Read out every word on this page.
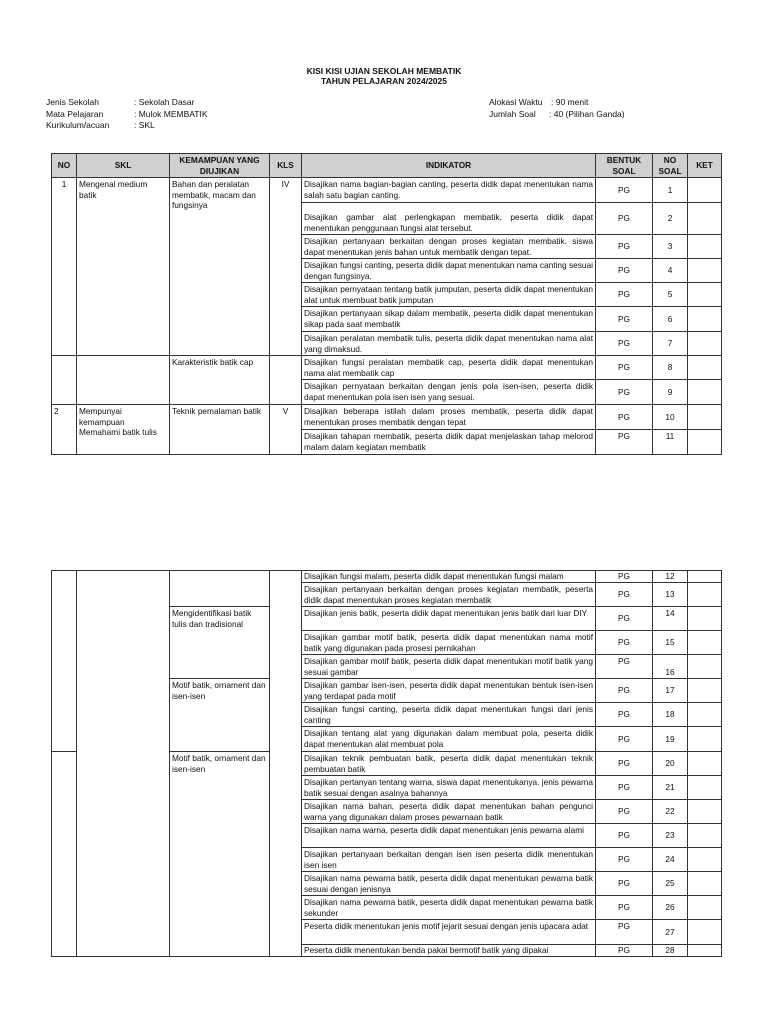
KISI KISI UJIAN SEKOLAH MEMBATIK
TAHUN PELAJARAN 2024/2025
Jenis Sekolah	: Sekolah Dasar
Mata Pelajaran	: Mulok MEMBATIK
Kurikulum/acuan	: SKL
Alokasi Waktu : 90 menit
Jumlah Soal	: 40 (Pilihan Ganda)
NO	SKL	KEMAMPUAN YANG DIUJIKAN	KLS	INDIKATOR	BENTUK SOAL	NO SOAL	KET
1	Mengenal medium batik	Bahan dan peralatan membatik, macam dan fungsinya	IV	Disajikan nama bagian-bagian canting, peserta didik dapat menentukan nama salah satu bagian canting.	PG	1	
				Disajikan gambar alat perlengkapan membatik, peserta didik dapat menentukan penggunaan fungsi alat tersebut.	PG	2	
				Disajikan pertanyaan berkaitan dengan proses kegiatan membatik. siswa dapat menentukan jenis bahan untuk membatik dengan tepat.	PG	3	
				Disajikan fungsi canting, peserta didik dapat menentukan nama canting sesuai dengan fungsinya.	PG	4	
				Disajikan pernyataan tentang batik jumputan, peserta didik dapat menentukan alat untuk membuat batik jumputan	PG	5	
				Disajikan pertanyaan sikap dalam membatik, peserta didik dapat menentukan sikap pada saat membatik	PG	6	
				Disajikan peralatan membatik tulis, peserta didik dapat menentukan nama alat yang dimaksud.	PG	7	
		Karakteristik batik cap		Disajikan fungsi peralatan membatik cap, peserta didik dapat menentukan nama alat membatik cap	PG	8	
				Disajikan pernyataan berkaitan dengan jenis pola isen-isen, peserta didik dapat menentukan pola isen isen yang sesuai.	PG	9	
2	Mempunyai kemampuan Memahami batik tulis	Teknik pemalaman batik	V	Disajikan beberapa istilah dalam proses membatik, peserta didik dapat menentukan proses membatik dengan tepat	PG	10	
				Disajikan tahapan membatik, peserta didik dapat menjelaskan tahap melorod malam dalam kegiatan membatik	PG	11	
				Disajikan fungsi malam, peserta didik dapat menentukan fungsi malam	PG	12	
				Disajikan pertanyaan berkaitan dengan proses kegiatan membatik, peserta didik dapat menentukan proses kegiatan membatik	PG	13	
		Mengidentifikasi batik tulis dan tradisional		Disajikan jenis batik, peserta didik dapat menentukan jenis batik dari luar DIY	PG	14	
				Disajikan gambar motif batik, peserta didik dapat menentukan nama motif batik yang digunakan pada prosesi pernikahan	PG	15	
				Disajikan gambar motif batik, peserta didik dapat menentukan motif batik yang sesuai gambar	PG	16	
		Motif batik, ornament dan isen-isen		Disajikan gambar isen-isen, peserta didik dapat menentukan bentuk isen-isen yang terdapat pada motif	PG	17	
				Disajikan fungsi canting, peserta didik dapat menentukan fungsi dari jenis canting	PG	18	
				Disajikan tentang alat yang digunakan dalam membuat pola, peserta didik dapat menentukan alat membuat pola	PG	19	
		Motif batik, ornament dan isen-isen		Disajikan teknik pembuatan batik, peserta didik dapat menentukan teknik pembuatan batik	PG	20	
				Disajikan pertanyan tentang warna, siswa dapat menentukanya. jenis pewarna batik sesuai dengan asalnya bahannya	PG	21	
				Disajikan nama bahan, peserta didik dapat menentukan bahan pengunci warna yang digunakan dalam proses pewarnaan batik	PG	22	
				Disajikan nama warna, peserta didik dapat menentukan jenis pewarna alami	PG	23	
				Disajikan pertanyaan berkaitan dengan isen isen peserta didik menentukan isen isen	PG	24	
				Disajikan nama pewarna batik, peserta didik dapat menentukan pewarna batik sesuai dengan jenisnya	PG	25	
				Disajikan nama pewarna batik, peserta didik dapat menentukan pewarna batik sekunder	PG	26	
				Peserta didik menentukan jenis motif jejarit sesuai dengan jenis upacara adat	PG	27	
				Peserta didik menentukan benda pakai bermotif batik yang dipakai	PG	28	
